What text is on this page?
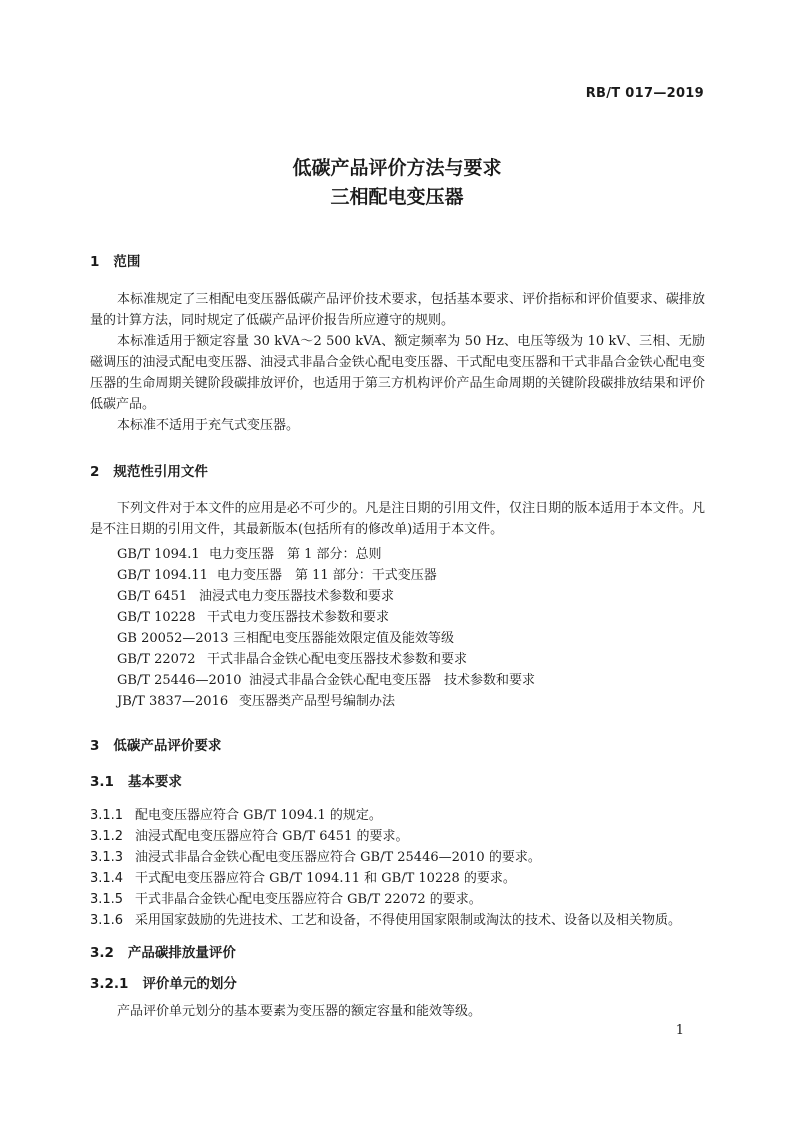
RB/T 017—2019
低碳产品评价方法与要求
三相配电变压器
1 范围
本标准规定了三相配电变压器低碳产品评价技术要求，包括基本要求、评价指标和评价值要求、碳排放量的计算方法，同时规定了低碳产品评价报告所应遵守的规则。
本标准适用于额定容量 30 kVA～2 500 kVA、额定频率为 50 Hz、电压等级为 10 kV、三相、无励磁调压的油浸式配电变压器、油浸式非晶合金铁心配电变压器、干式配电变压器和干式非晶合金铁心配电变压器的生命周期关键阶段碳排放评价，也适用于第三方机构评价产品生命周期的关键阶段碳排放结果和评价低碳产品。
本标准不适用于充气式变压器。
2 规范性引用文件
下列文件对于本文件的应用是必不可少的。凡是注日期的引用文件，仅注日期的版本适用于本文件。凡是不注日期的引用文件，其最新版本(包括所有的修改单)适用于本文件。
GB/T 1094.1 电力变压器　第 1 部分：总则
GB/T 1094.11 电力变压器　第 11 部分：干式变压器
GB/T 6451 油浸式电力变压器技术参数和要求
GB/T 10228 干式电力变压器技术参数和要求
GB 20052—2013 三相配电变压器能效限定值及能效等级
GB/T 22072 干式非晶合金铁心配电变压器技术参数和要求
GB/T 25446—2010 油浸式非晶合金铁心配电变压器　技术参数和要求
JB/T 3837—2016 变压器类产品型号编制办法
3 低碳产品评价要求
3.1 基本要求
3.1.1 配电变压器应符合 GB/T 1094.1 的规定。
3.1.2 油浸式配电变压器应符合 GB/T 6451 的要求。
3.1.3 油浸式非晶合金铁心配电变压器应符合 GB/T 25446—2010 的要求。
3.1.4 干式配电变压器应符合 GB/T 1094.11 和 GB/T 10228 的要求。
3.1.5 干式非晶合金铁心配电变压器应符合 GB/T 22072 的要求。
3.1.6 采用国家鼓励的先进技术、工艺和设备，不得使用国家限制或淘汰的技术、设备以及相关物质。
3.2 产品碳排放量评价
3.2.1 评价单元的划分
产品评价单元划分的基本要素为变压器的额定容量和能效等级。
1
